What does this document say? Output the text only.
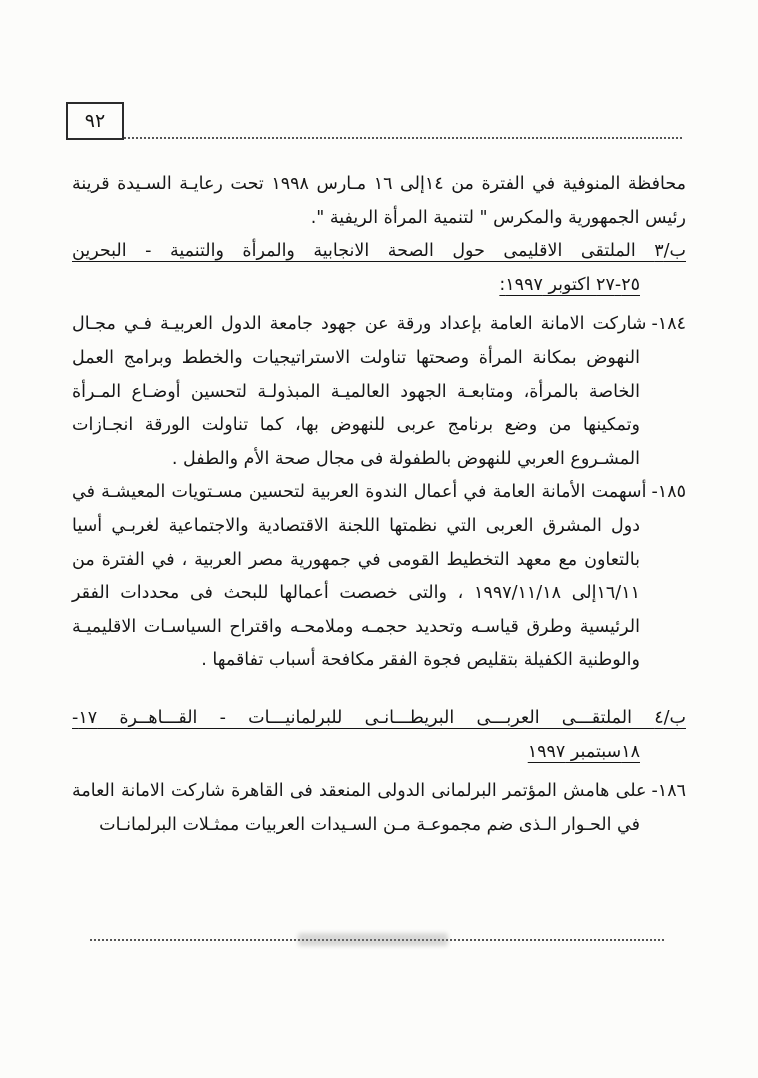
٩٢

محافظة المنوفية في الفترة من ١٤إلى ١٦ مـارس ١٩٩٨ تحت رعايـة السـيدة قرينة رئيس الجمهورية والمكرس " لتنمية المرأة الريفية ".

ب/٣ الملتقى الاقليمى حول الصحة الانجابية والمرأة والتنمية - البحرين
٢٥-٢٧ اكتوبر ١٩٩٧:

١٨٤-شاركت الامانة العامة بإعداد ورقة عن جهود جامعة الدول العربيـة فـي مجـال النهوض بمكانة المرأة وصحتها تناولت الاستراتيجيات والخطط وبرامج العمل الخاصة بالمرأة، ومتابعـة الجهود العالميـة المبذولـة لتحسين أوضـاع المـرأة وتمكينها من وضع برنامج عربى للنهوض بها، كما تناولت الورقة انجـازات المشـروع العربي للنهوض بالطفولة فى مجال صحة الأم والطفل .

١٨٥-أسهمت الأمانة العامة في أعمال الندوة العربية لتحسين مسـتويات المعيشـة في دول المشرق العربى التي نظمتها اللجنة الاقتصادية والاجتماعية لغربـي أسيا بالتعاون مع معهد التخطيط القومى في جمهورية مصر العربية ، في الفترة من ١٦/١١إلى ١٩٩٧/١١/١٨ ، والتى خصصت أعمالها للبحث فى محددات الفقر الرئيسية وطرق قياسـه وتحديد حجمـه وملامحـه واقتراح السياسـات الاقليميـة والوطنية الكفيلة بتقليص فجوة الفقر مكافحة أسباب تفاقمها .

ب/٤ الملتقـــى العربـــى البريطـــانـى للبرلمانيـــات - القـــاهــرة ١٧-
١٨سبتمبر ١٩٩٧

١٨٦-على هامش المؤتمر البرلمانى الدولى المنعقد فى القاهرة شاركت الامانة العامة في الحـوار الـذى ضم مجموعـة مـن السـيدات العربيات ممثـلات البرلمانـات
